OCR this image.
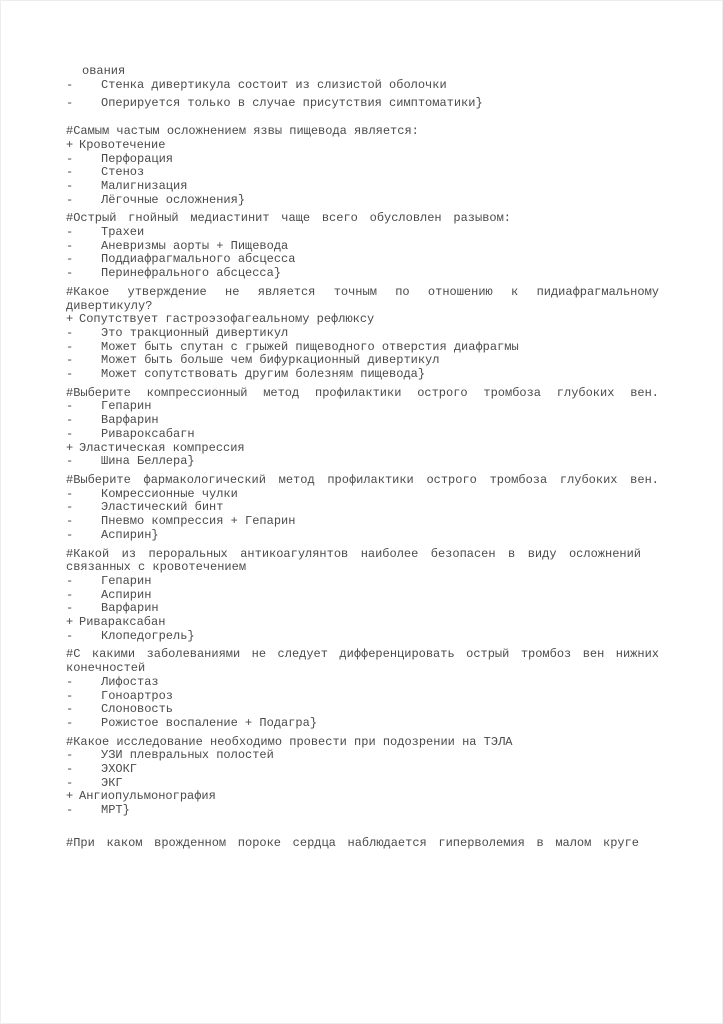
ования
- Стенка дивертикула состоит из слизистой оболочки
- Оперируется только в случае присутствия симптоматики}
#Самым частым осложнением язвы пищевода является:
+ Кровотечение
- Перфорация
- Стеноз
- Малигнизация
- Лёгочные осложнения}
#Острый гнойный медиастинит чаще всего обусловлен разывом:
- Трахеи
- Аневризмы аорты + Пищевода
- Поддиафрагмального абсцесса
- Перинефрального абсцесса}
#Какое утверждение не является точным по отношению к пидиафрагмальному
дивертикулу?
+ Сопутствует гастроэзофагеальному рефлюксу
- Это тракционный дивертикул
- Может быть спутан с грыжей пищеводного отверстия диафрагмы
- Может быть больше чем бифуркационный дивертикул
- Может сопутствовать другим болезням пищевода}
#Выберите компрессионный метод профилактики острого тромбоза глубоких вен.
- Гепарин
- Варфарин
- Ривароксабагн
+ Эластическая компрессия
- Шина Беллера}
#Выберите фармакологический метод профилактики острого тромбоза глубоких вен.
- Комрессионные чулки
- Эластический бинт
- Пневмо компрессия + Гепарин
- Аспирин}
#Какой из пероральных антикоагулянтов наиболее безопасен в виду осложнений
связанных с кровотечением
- Гепарин
- Аспирин
- Варфарин
+ Ривараксабан
- Клопедогрель}
#С какими заболеваниями не следует дифференцировать острый тромбоз вен нижних
конечностей
- Лифостаз
- Гоноартроз
- Слоновость
- Рожистое воспаление + Подагра}
#Какое исследование необходимо провести при подозрении на ТЭЛА
- УЗИ плевральных полостей
- ЭХОКГ
- ЭКГ
+ Ангиопульмонография
- МРТ}
#При каком врожденном пороке сердца наблюдается гиперволемия в малом круге
